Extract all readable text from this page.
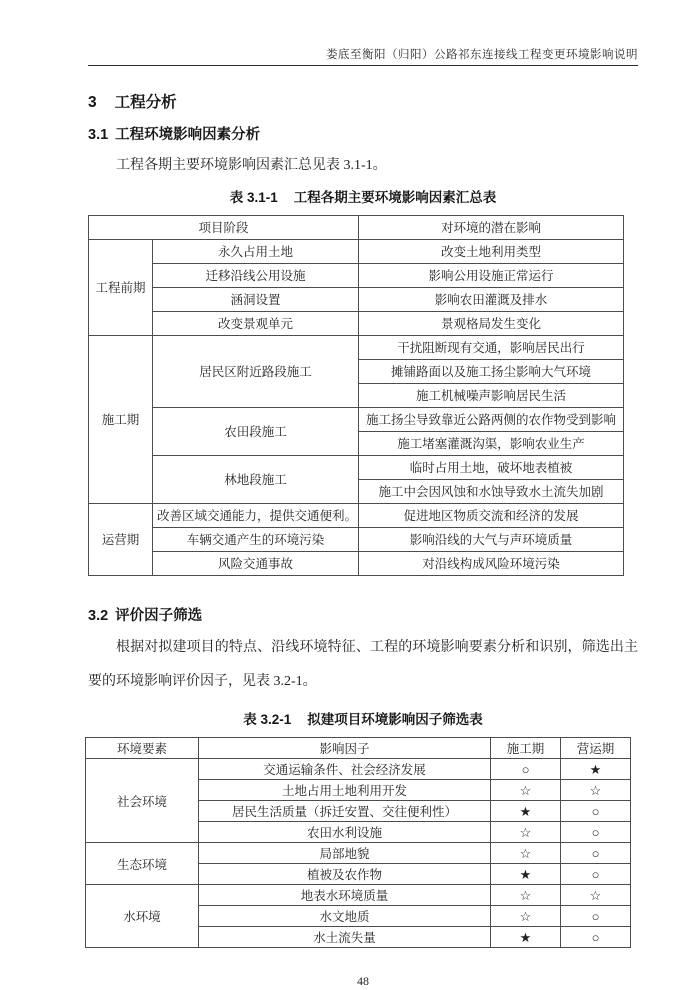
娄底至衡阳（归阳）公路祁东连接线工程变更环境影响说明
3 工程分析
3.1 工程环境影响因素分析

工程各期主要环境影响因素汇总见表 3.1-1。

表 3.1-1 工程各期主要环境影响因素汇总表
项目阶段		对环境的潜在影响
工程前期	永久占用土地	改变土地利用类型
	迁移沿线公用设施	影响公用设施正常运行
	涵洞设置	影响农田灌溉及排水
	改变景观单元	景观格局发生变化
施工期	居民区附近路段施工	干扰阻断现有交通，影响居民出行
		摊铺路面以及施工扬尘影响大气环境
		施工机械噪声影响居民生活
	农田段施工	施工扬尘导致靠近公路两侧的农作物受到影响
		施工堵塞灌溉沟渠，影响农业生产
	林地段施工	临时占用土地，破坏地表植被
		施工中会因风蚀和水蚀导致水土流失加剧
运营期	改善区域交通能力，提供交通便利。	促进地区物质交流和经济的发展
	车辆交通产生的环境污染	影响沿线的大气与声环境质量
	风险交通事故	对沿线构成风险环境污染
3.2 评价因子筛选

根据对拟建项目的特点、沿线环境特征、工程的环境影响要素分析和识别，筛选出主要的环境影响评价因子，见表 3.2-1。

表 3.2-1 拟建项目环境影响因子筛选表
环境要素	影响因子	施工期	营运期
社会环境	交通运输条件、社会经济发展	○	★
	土地占用土地利用开发	☆	☆
	居民生活质量（拆迁安置、交往便利性）	★	○
	农田水利设施	☆	○
生态环境	局部地貌	☆	○
	植被及农作物	★	○
水环境	地表水环境质量	☆	☆
	水文地质	☆	○
	水土流失量	★	○
48
